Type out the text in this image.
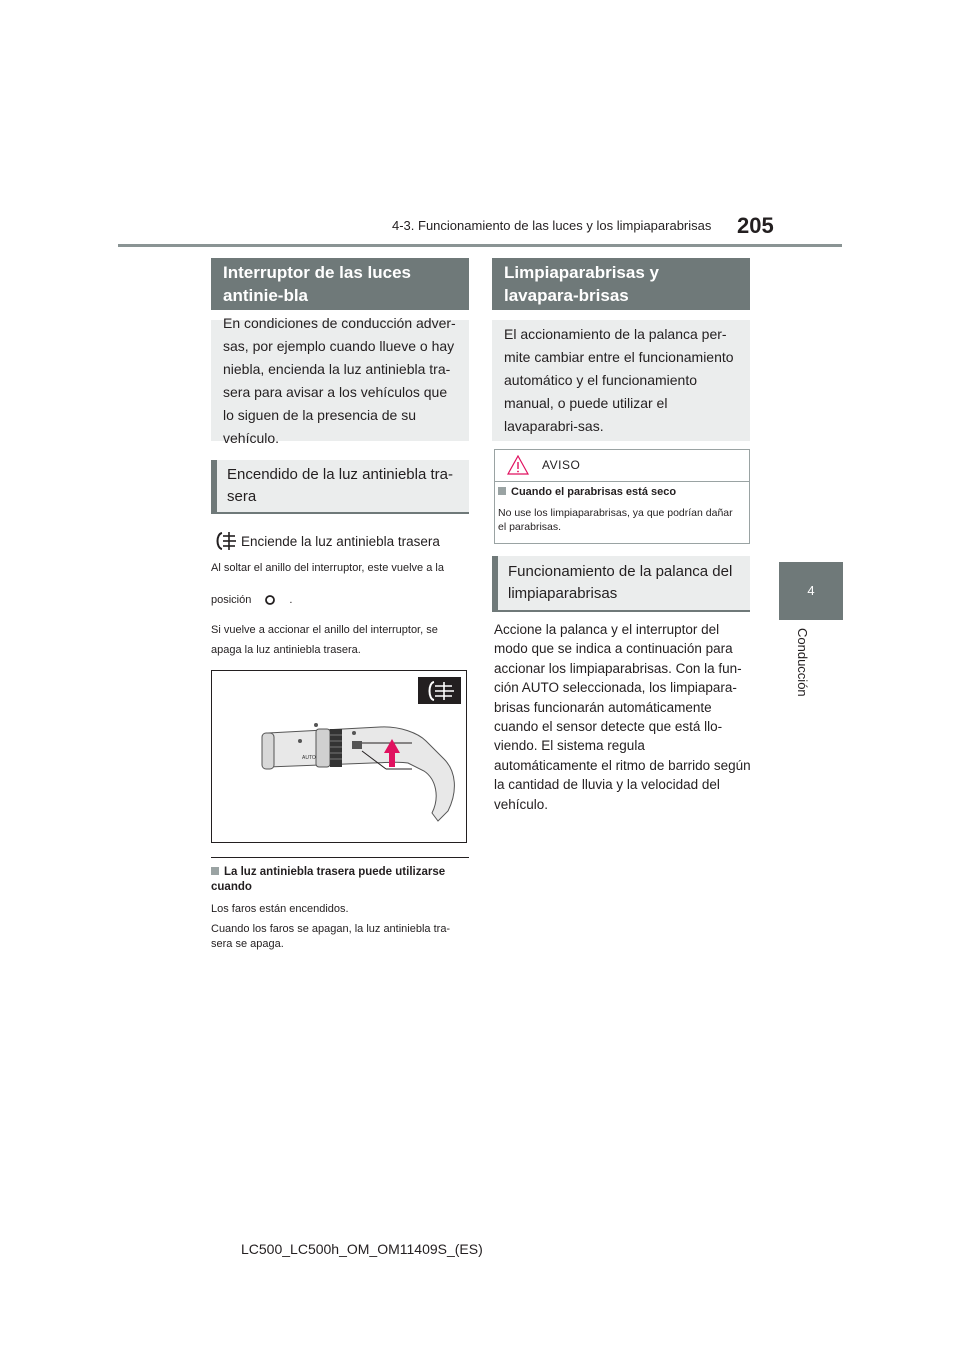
4-3. Funcionamiento de las luces y los limpiaparabrisas 205
4
Conducción
Interruptor de las luces antinie-bla
En condiciones de conducción adver-sas, por ejemplo cuando llueve o hay niebla, encienda la luz antiniebla tra-sera para avisar a los vehículos que lo siguen de la presencia de su vehículo.
Encendido de la luz antiniebla tra-sera
Enciende la luz antiniebla trasera
Al soltar el anillo del interruptor, este vuelve a la
posición	.
Si vuelve a accionar el anillo del interruptor, se apaga la luz antiniebla trasera.
AUTO
La luz antiniebla trasera puede utilizarse cuando
Los faros están encendidos.
Cuando los faros se apagan, la luz antiniebla tra-sera se apaga.
Limpiaparabrisas y lavapara-brisas
El accionamiento de la palanca per-mite cambiar entre el funcionamiento automático y el funcionamiento manual, o puede utilizar el lavaparabri-sas.
AVISO
Cuando el parabrisas está seco
No use los limpiaparabrisas, ya que podrían dañar el parabrisas.
Funcionamiento de la palanca del limpiaparabrisas
Accione la palanca y el interruptor del modo que se indica a continuación para accionar los limpiaparabrisas. Con la fun-ción AUTO seleccionada, los limpiapara-brisas funcionarán automáticamente cuando el sensor detecte que está llo-viendo. El sistema regula automáticamente el ritmo de barrido según la cantidad de lluvia y la velocidad del vehículo.
LC500_LC500h_OM_OM11409S_(ES)
